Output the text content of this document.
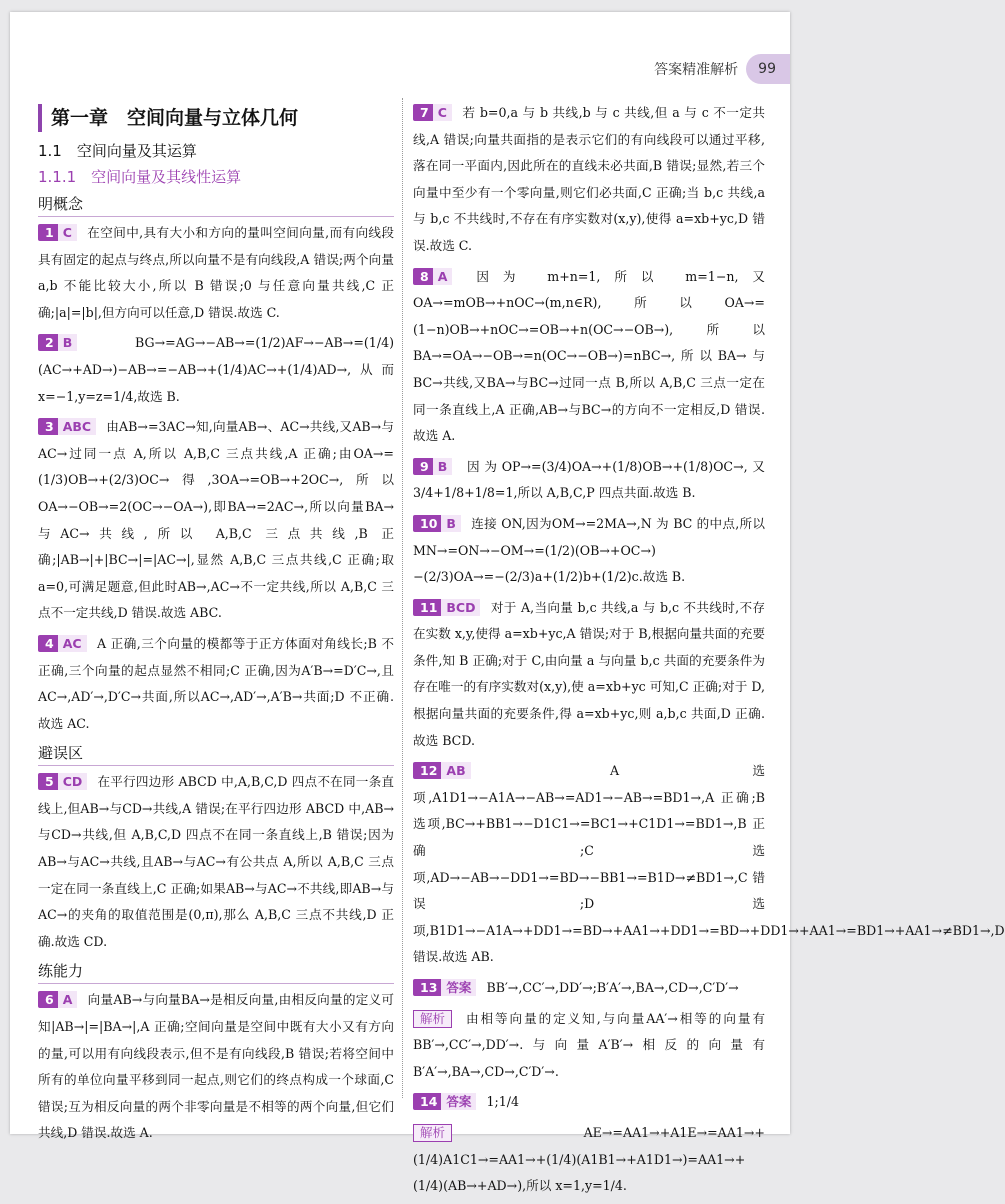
答案精准解析	99
第一章　空间向量与立体几何
1.1　空间向量及其运算
1.1.1　空间向量及其线性运算
明概念
1 C 在空间中,具有大小和方向的量叫空间向量,而有向线段具有固定的起点与终点,所以向量不是有向线段,A 错误;两个向量 a,b 不能比较大小,所以 B 错误;0 与任意向量共线,C 正确;|a|=|b|,但方向可以任意,D 错误.故选 C.
2 B	BG→=AG→−AB→=(1/2)AF→−AB→=(1/4)(AC→+AD→)−AB→=−AB→+(1/4)AC→+(1/4)AD→,从而 x=−1,y=z=1/4,故选 B.
3 ABC 由AB→=3AC→知,向量AB→、AC→共线,又AB→与AC→过同一点 A,所以 A,B,C 三点共线,A 正确;由OA→=(1/3)OB→+(2/3)OC→得,3OA→=OB→+2OC→,所以OA→−OB→=2(OC→−OA→),即BA→=2AC→,所以向量BA→与AC→共线,所以 A,B,C 三点共线,B 正确;|AB→|+|BC→|=|AC→|,显然 A,B,C 三点共线,C 正确;取 a=0,可满足题意,但此时AB→,AC→不一定共线,所以 A,B,C 三点不一定共线,D 错误.故选 ABC.
4 AC A 正确,三个向量的模都等于正方体面对角线长;B 不正确,三个向量的起点显然不相同;C 正确,因为A′B→=D′C→,且AC→,AD′→,D′C→共面,所以AC→,AD′→,A′B→共面;D 不正确.故选 AC.
避误区
5 CD 在平行四边形 ABCD 中,A,B,C,D 四点不在同一条直线上,但AB→与CD→共线,A 错误;在平行四边形 ABCD 中,AB→与CD→共线,但 A,B,C,D 四点不在同一条直线上,B 错误;因为AB→与AC→共线,且AB→与AC→有公共点 A,所以 A,B,C 三点一定在同一条直线上,C 正确;如果AB→与AC→不共线,即AB→与AC→的夹角的取值范围是(0,π),那么 A,B,C 三点不共线,D 正确.故选 CD.
练能力
6 A 向量AB→与向量BA→是相反向量,由相反向量的定义可知|AB→|=|BA→|,A 正确;空间向量是空间中既有大小又有方向的量,可以用有向线段表示,但不是有向线段,B 错误;若将空间中所有的单位向量平移到同一起点,则它们的终点构成一个球面,C 错误;互为相反向量的两个非零向量是不相等的两个向量,但它们共线,D 错误.故选 A.
7 C 若 b=0,a 与 b 共线,b 与 c 共线,但 a 与 c 不一定共线,A 错误;向量共面指的是表示它们的有向线段可以通过平移,落在同一平面内,因此所在的直线未必共面,B 错误;显然,若三个向量中至少有一个零向量,则它们必共面,C 正确;当 b,c 共线,a 与 b,c 不共线时,不存在有序实数对(x,y),使得 a=xb+yc,D 错误.故选 C.
8 A 因为 m+n=1,所以 m=1−n,又OA→=mOB→+nOC→(m,n∈R),所以OA→=(1−n)OB→+nOC→=OB→+n(OC→−OB→),所以BA→=OA→−OB→=n(OC→−OB→)=nBC→,所以BA→与BC→共线,又BA→与BC→过同一点 B,所以 A,B,C 三点一定在同一条直线上,A 正确,AB→与BC→的方向不一定相反,D 错误.故选 A.
9 B 因为OP→=(3/4)OA→+(1/8)OB→+(1/8)OC→,又 3/4+1/8+1/8=1,所以 A,B,C,P 四点共面.故选 B.
10 B 连接 ON,因为OM→=2MA→,N 为 BC 的中点,所以MN→=ON→−OM→=(1/2)(OB→+OC→)−(2/3)OA→=−(2/3)a+(1/2)b+(1/2)c.故选 B.
11 BCD 对于 A,当向量 b,c 共线,a 与 b,c 不共线时,不存在实数 x,y,使得 a=xb+yc,A 错误;对于 B,根据向量共面的充要条件,知 B 正确;对于 C,由向量 a 与向量 b,c 共面的充要条件为存在唯一的有序实数对(x,y),使 a=xb+yc 可知,C 正确;对于 D,根据向量共面的充要条件,得 a=xb+yc,则 a,b,c 共面,D 正确.故选 BCD.
12 AB	A 选项,A1D1→−A1A→−AB→=AD1→−AB→=BD1→,A 正确;B 选项,BC→+BB1→−D1C1→=BC1→+C1D1→=BD1→,B 正确;C 选项,AD→−AB→−DD1→=BD→−BB1→=B1D→≠BD1→,C 错误;D 选项,B1D1→−A1A→+DD1→=BD→+AA1→+DD1→=BD→+DD1→+AA1→=BD1→+AA1→≠BD1→,D 错误.故选 AB.
13 答案 BB′→,CC′→,DD′→;B′A′→,BA→,CD→,C′D′→
解析 由相等向量的定义知,与向量AA′→相等的向量有BB′→,CC′→,DD′→.与向量A′B′→相反的向量有B′A′→,BA→,CD→,C′D′→.
14 答案 1;1/4
解析	AE→=AA1→+A1E→=AA1→+(1/4)A1C1→=AA1→+(1/4)(A1B1→+A1D1→)=AA1→+(1/4)(AB→+AD→),所以 x=1,y=1/4.
